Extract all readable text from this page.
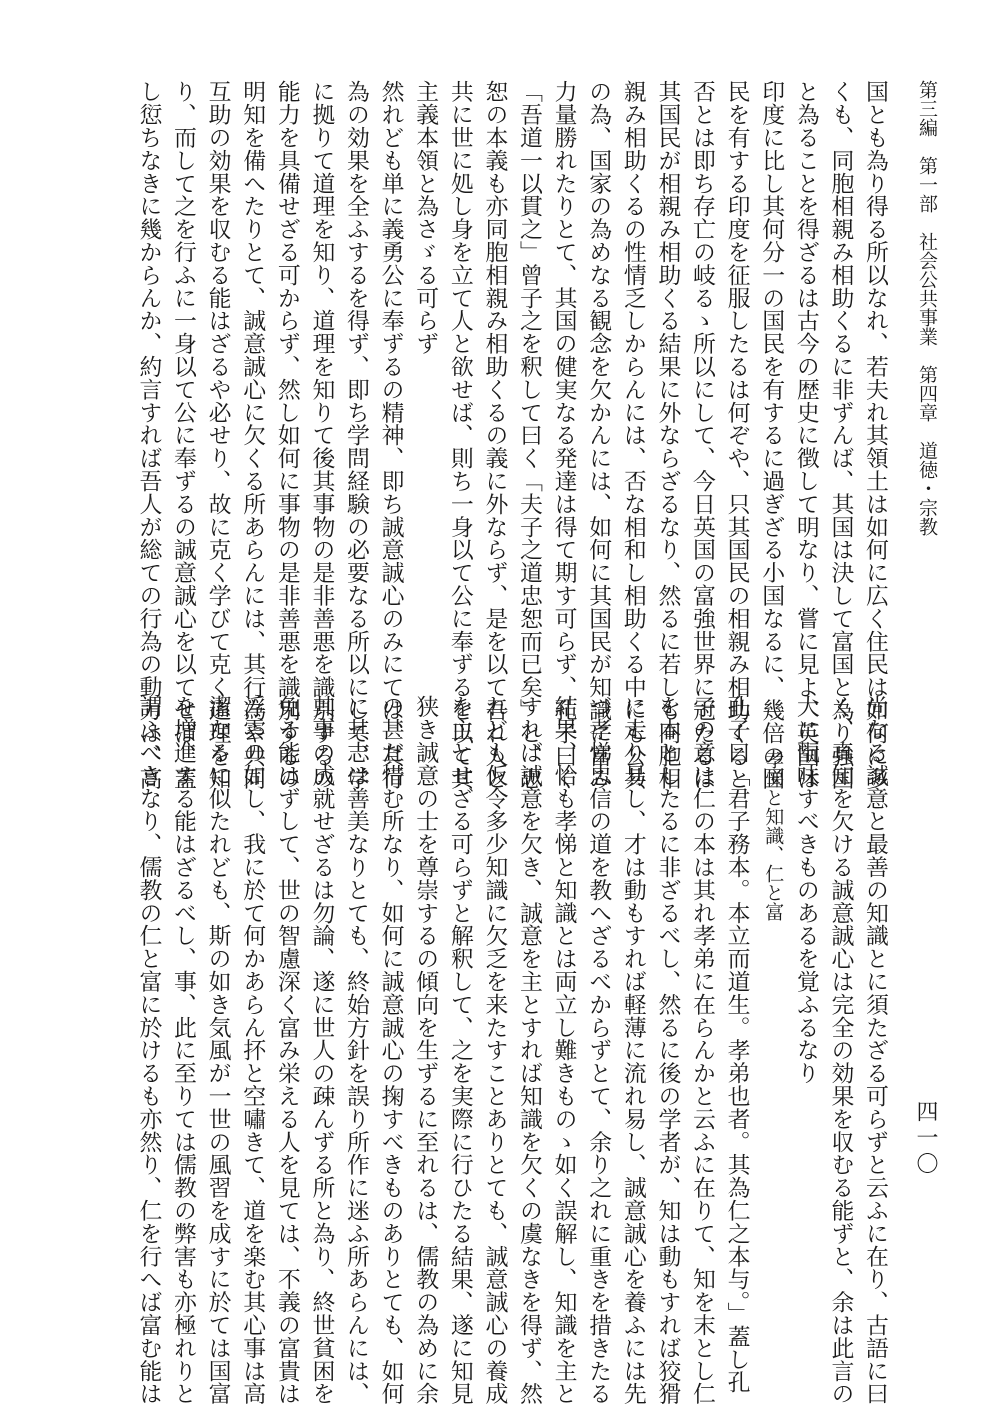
第三編　第一部　社会公共事業　第四章　道徳・宗教
四一〇
国とも為り得る所以なれ、若夫れ其領土は如何に広く住民は如何に多
くも、同胞相親み相助くるに非ずんば、其国は決して富国と為り強国
と為ることを得ざるは古今の歴史に徴して明なり、嘗に見よ、英国は
印度に比し其何分一の国民を有するに過ぎざる小国なるに、幾倍の国
民を有する印度を征服したるは何ぞや、只其国民の相親み相助くると
否とは即ち存亡の岐るゝ所以にして、今日英国の富強世界に冠たるは
其国民が相親み相助くる結果に外ならざるなり、然るに若しも同胞相
親み相助くるの性情乏しからんには、否な相和し相助くる中にも公共
の為、国家の為めなる観念を欠かんには、如何に其国民が知識に富み
力量勝れたりとて、其国の健実なる発達は得て期す可らず、孔子曰く
「吾道一以貫之」曾子之を釈して曰く「夫子之道忠恕而已矣」と、忠
恕の本義も亦同胞相親み相助くるの義に外ならず、是を以て吾れ人と
共に世に処し身を立て人と欲せば、則ち一身以て公に奉ずるを以て其
主義本領と為さゞる可らず
然れども単に義勇公に奉ずるの精神、即ち誠意誠心のみにては、其行
為の効果を全ふするを得ず、即ち学問経験の必要なる所以にして、学
に拠りて道理を知り、道理を知りて後其事物の是非善悪を識別するの
能力を具備せざる可からず、然し如何に事物の是非善悪を識別するの
明知を備へたりとて、誠意誠心に欠くる所あらんには、其行為や共同
互助の効果を収むる能はざるや必せり、故に克く学びて克く道理を知
り、而して之を行ふに一身以て公に奉ずるの誠意誠心を以てせば、蓋
し愆ちなきに幾からんか、約言すれば吾人が総ての行為の動力は、高
尚なる誠意と最善の知識とに須たざる可らずと云ふに在り、古語に曰
く、真知を欠ける誠意誠心は完全の効果を収むる能ずと、余は此言の
大に翫味すべきものあるを覚ふるなり
孝悌と知識、仁と富
孔子曰「君子務本。本立而道生。孝弟也者。其為仁之本与。」蓋し孔
子の意は仁の本は其れ孝弟に在らんかと云ふに在りて、知を末とし仁
を本としたるに非ざるべし、然るに後の学者が、知は動もすれば狡猾
に走り易し、才は動もすれば軽薄に流れ易し、誠意誠心を養ふには先
づ孝悌忠信の道を教へざるべからずとて、余り之れに重きを措きたる
結果、恰も孝悌と知識とは両立し難きものゝ如く誤解し、知識を主と
すれば誠意を欠き、誠意を主とすれば知識を欠くの虞なきを得ず、然
れども仮令多少知識に欠乏を来たすことありとても、誠意誠心の養成
を主とせざる可らずと解釈して、之を実際に行ひたる結果、遂に知見
狭き誠意の士を尊崇するの傾向を生ずるに至れるは、儒教の為めに余
の甚だ惜む所なり、如何に誠意誠心の掬すべきものありとても、如何
に其志は善美なりとても、終始方針を誤り所作に迷ふ所あらんには、
其事の成就せざるは勿論、遂に世人の疎んずる所と為り、終世貧困を
免る能はずして、世の智慮深く富み栄える人を見ては、不義の富貴は
浮雲の如し、我に於て何かあらん抔と空嘯きて、道を楽む其心事は高
潔なるに似たれども、斯の如き気風が一世の風習を成すに於ては国富
を増進する能はざるべし、事、此に至りては儒教の弊害も亦極れりと
謂ふべきなり、儒教の仁と富に於けるも亦然り、仁を行へば富む能は
